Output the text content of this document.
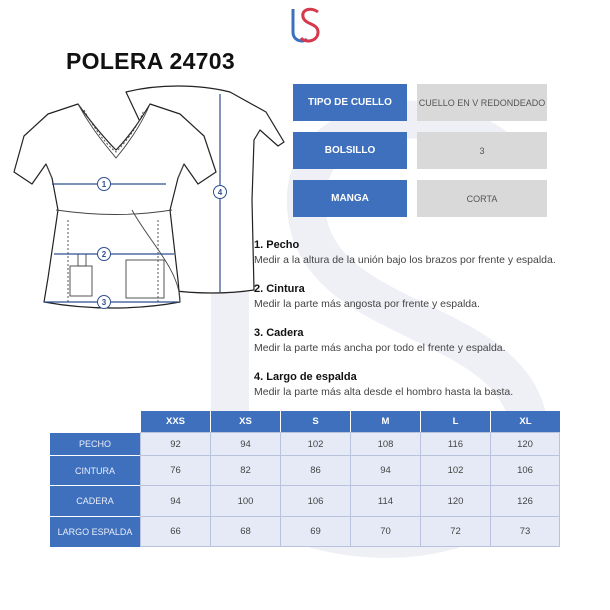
POLERA 24703
1
2
3
4
TIPO DE CUELLO	CUELLO EN V REDONDEADO
BOLSILLO	3
MANGA	CORTA
1. Pecho
Medir a la altura de la unión bajo los brazos por frente y espalda.
2. Cintura
Medir la parte más angosta por frente y espalda.
3. Cadera
Medir la parte más ancha por todo el frente y espalda.
4. Largo de espalda
Medir la parte más alta desde el hombro hasta la basta.
	XXS	XS	S	M	L	XL
PECHO	92	94	102	108	116	120
CINTURA	76	82	86	94	102	106
CADERA	94	100	106	114	120	126
LARGO ESPALDA	66	68	69	70	72	73
